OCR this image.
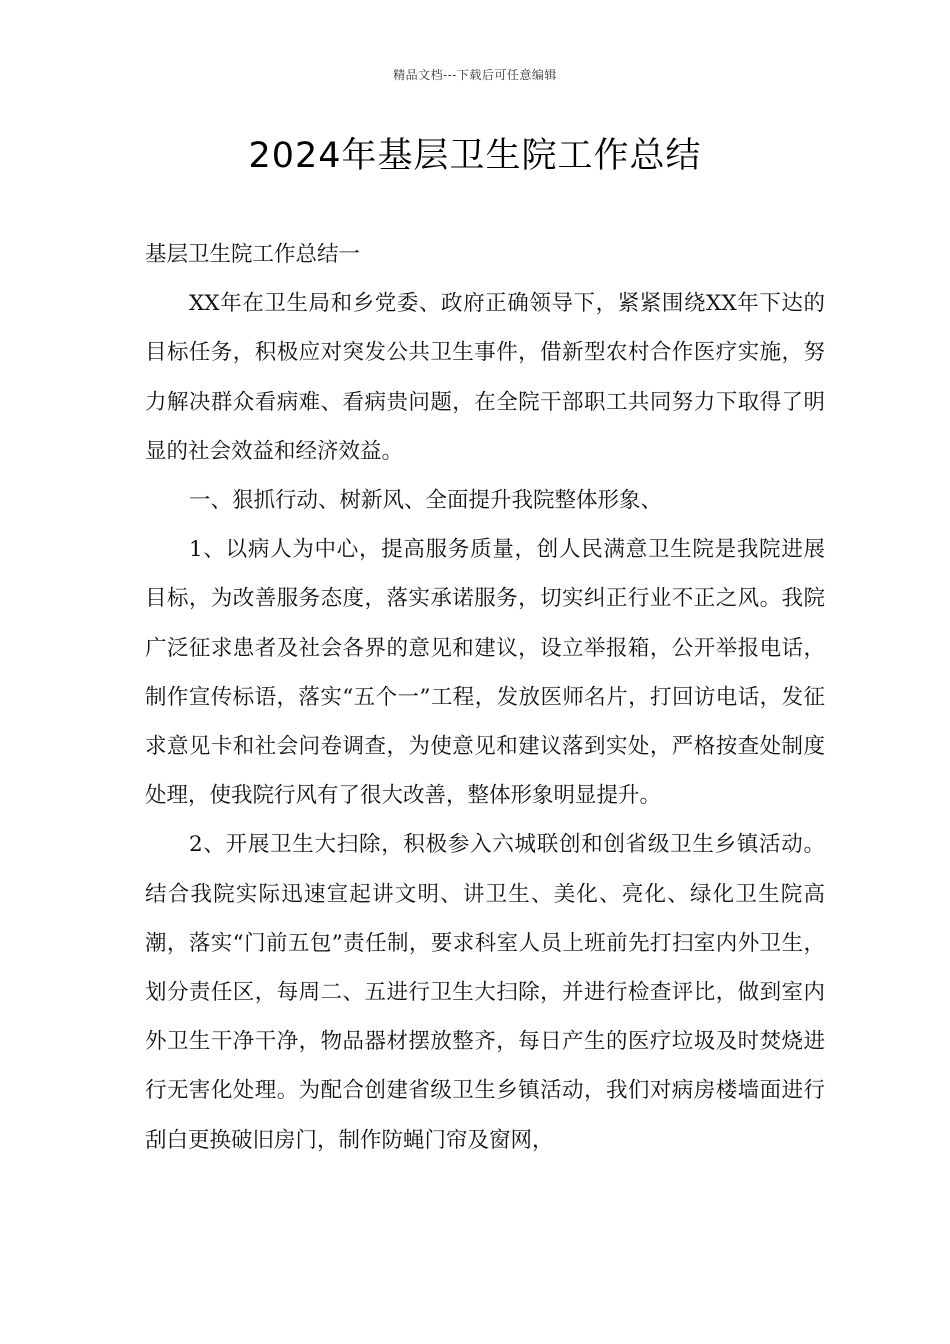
精品文档---下载后可任意编辑
2024年基层卫生院工作总结

基层卫生院工作总结一

XX年在卫生局和乡党委、政府正确领导下，紧紧围绕XX年下达的目标任务，积极应对突发公共卫生事件，借新型农村合作医疗实施，努力解决群众看病难、看病贵问题，在全院干部职工共同努力下取得了明显的社会效益和经济效益。

一、狠抓行动、树新风、全面提升我院整体形象、

1、以病人为中心，提高服务质量，创人民满意卫生院是我院进展目标，为改善服务态度，落实承诺服务，切实纠正行业不正之风。我院广泛征求患者及社会各界的意见和建议，设立举报箱，公开举报电话，制作宣传标语，落实“五个一”工程，发放医师名片，打回访电话，发征求意见卡和社会问卷调查，为使意见和建议落到实处，严格按查处制度处理，使我院行风有了很大改善，整体形象明显提升。

2、开展卫生大扫除，积极参入六城联创和创省级卫生乡镇活动。结合我院实际迅速宣起讲文明、讲卫生、美化、亮化、绿化卫生院高潮，落实“门前五包”责任制，要求科室人员上班前先打扫室内外卫生，划分责任区，每周二、五进行卫生大扫除，并进行检查评比，做到室内外卫生干净干净，物品器材摆放整齐，每日产生的医疗垃圾及时焚烧进行无害化处理。为配合创建省级卫生乡镇活动，我们对病房楼墙面进行刮白更换破旧房门，制作防蝇门帘及窗网，
